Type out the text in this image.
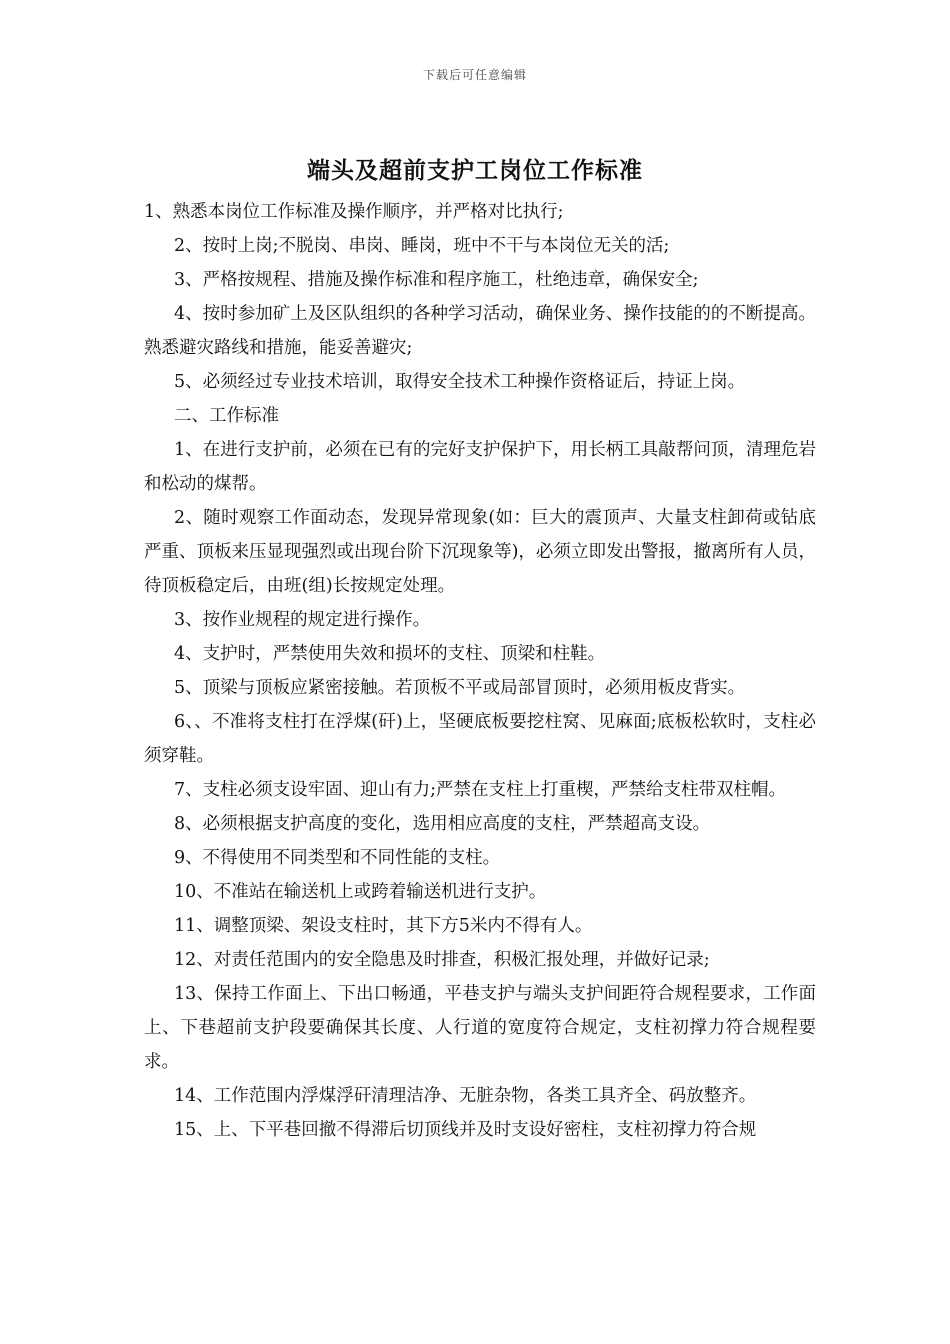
下载后可任意编辑
端头及超前支护工岗位工作标准

1、熟悉本岗位工作标准及操作顺序，并严格对比执行;

2、按时上岗;不脱岗、串岗、睡岗，班中不干与本岗位无关的活;

3、严格按规程、措施及操作标准和程序施工，杜绝违章，确保安全;

4、按时参加矿上及区队组织的各种学习活动，确保业务、操作技能的的不断提高。熟悉避灾路线和措施，能妥善避灾;

5、必须经过专业技术培训，取得安全技术工种操作资格证后，持证上岗。

二、工作标准

1、在进行支护前，必须在已有的完好支护保护下，用长柄工具敲帮问顶，清理危岩和松动的煤帮。

2、随时观察工作面动态，发现异常现象(如：巨大的震顶声、大量支柱卸荷或钻底严重、顶板来压显现强烈或出现台阶下沉现象等)，必须立即发出警报，撤离所有人员，待顶板稳定后，由班(组)长按规定处理。

3、按作业规程的规定进行操作。

4、支护时，严禁使用失效和损坏的支柱、顶梁和柱鞋。

5、顶梁与顶板应紧密接触。若顶板不平或局部冒顶时，必须用板皮背实。

6、、不准将支柱打在浮煤(矸)上，坚硬底板要挖柱窝、见麻面;底板松软时，支柱必须穿鞋。

7、支柱必须支设牢固、迎山有力;严禁在支柱上打重楔，严禁给支柱带双柱帽。

8、必须根据支护高度的变化，选用相应高度的支柱，严禁超高支设。

9、不得使用不同类型和不同性能的支柱。

10、不准站在输送机上或跨着输送机进行支护。

11、调整顶梁、架设支柱时，其下方5米内不得有人。

12、对责任范围内的安全隐患及时排查，积极汇报处理，并做好记录;

13、保持工作面上、下出口畅通，平巷支护与端头支护间距符合规程要求，工作面上、下巷超前支护段要确保其长度、人行道的宽度符合规定，支柱初撑力符合规程要求。

14、工作范围内浮煤浮矸清理洁净、无脏杂物，各类工具齐全、码放整齐。

15、上、下平巷回撤不得滞后切顶线并及时支设好密柱，支柱初撑力符合规
